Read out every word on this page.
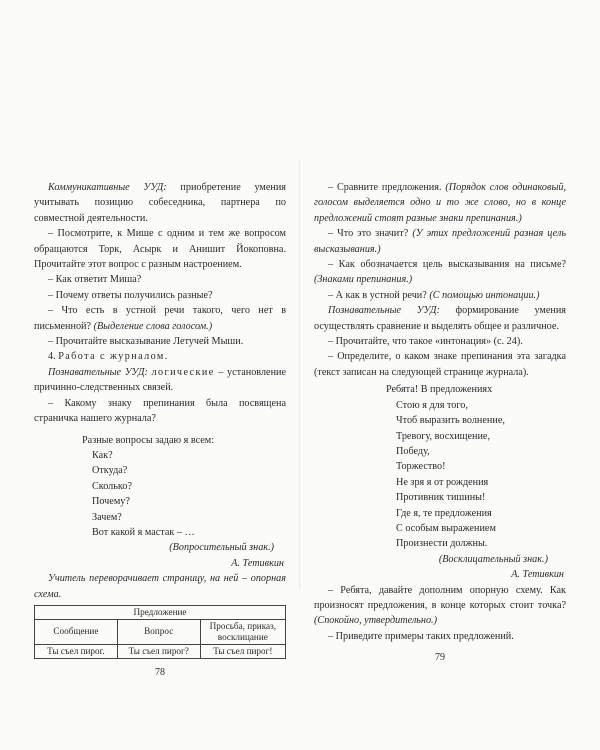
Коммуникативные УУД: приобретение умения учитывать позицию собеседника, партнера по совместной деятельности.

– Посмотрите, к Мише с одним и тем же вопросом обращаются Торк, Асырк и Анишит Йокоповна. Прочитайте этот вопрос с разным настроением.

– Как ответит Миша?

– Почему ответы получились разные?

– Что есть в устной речи такого, чего нет в письменной? (Выделение слова голосом.)

– Прочитайте высказывание Летучей Мыши.

4. Работа с журналом.

Познавательные УУД: логические – установление причинно-следственных связей.

– Какому знаку препинания была посвящена страничка нашего журнала?

Разные вопросы задаю я всем:
Как?
Откуда?
Сколько?
Почему?
Зачем?
Вот какой я мастак – …

(Вопросительный знак.)

А. Тетивкин

Учитель переворачивает страницу, на ней – опорная схема.

Предложение		
Сообщение	Вопрос	Просьба, приказ, восклицание
Ты съел пирог.	Ты съел пирог?	Ты съел пирог!
78

– Сравните предложения. (Порядок слов одинаковый, голосом выделяется одно и то же слово, но в конце предложений стоят разные знаки препинания.)

– Что это значит? (У этих предложений разная цель высказывания.)

– Как обозначается цель высказывания на письме? (Знаками препинания.)

– А как в устной речи? (С помощью интонации.)

Познавательные УУД: формирование умения осуществлять сравнение и выделять общее и различное.

– Прочитайте, что такое «интонация» (с. 24).

– Определите, о каком знаке препинания эта загадка (текст записан на следующей странице журнала).

Ребята! В предложениях
Стою я для того,
Чтоб выразить волнение,
Тревогу, восхищение,
Победу,
Торжество!
Не зря я от рождения
Противник тишины!
Где я, те предложения
С особым выражением
Произнести должны.

(Восклицательный знак.)

А. Тетивкин

– Ребята, давайте дополним опорную схему. Как произносят предложения, в конце которых стоит точка? (Спокойно, утвердительно.)

– Приведите примеры таких предложений.

79
